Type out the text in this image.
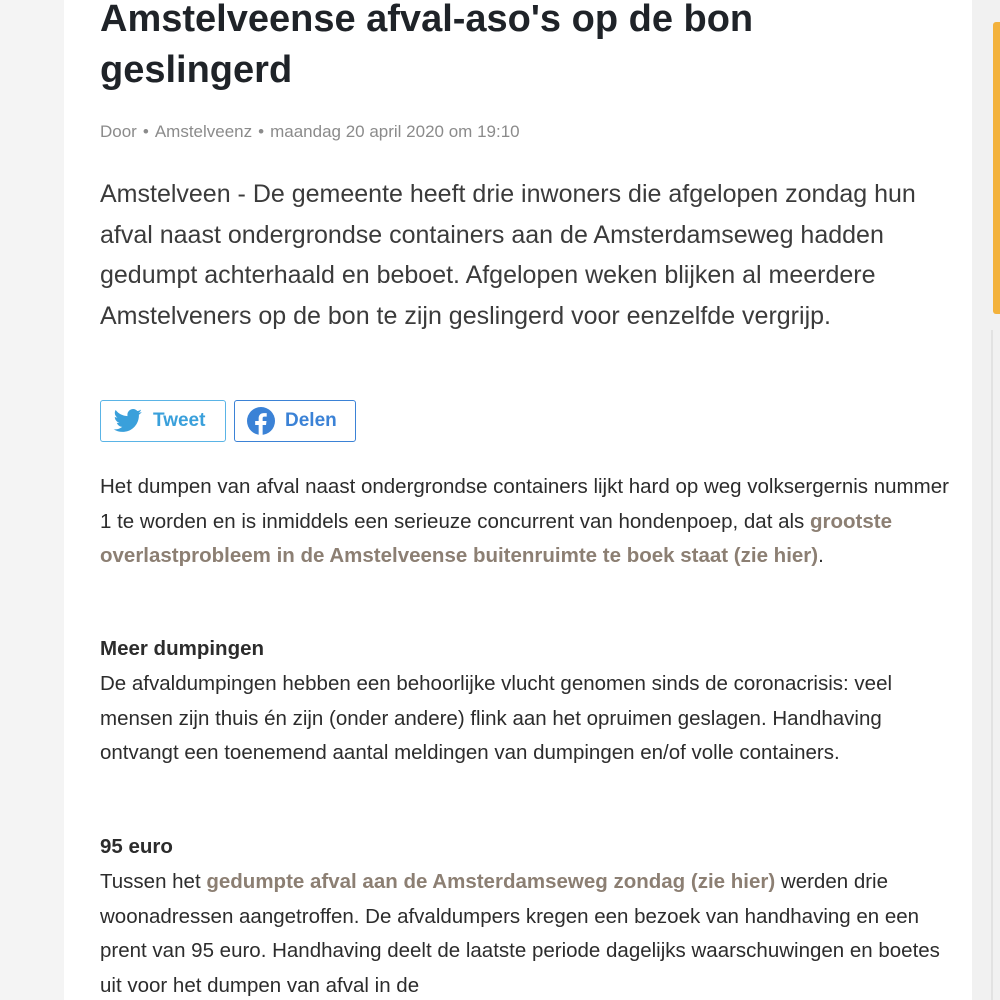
Amstelveense afval-aso's op de bon geslingerd
Door • Amstelveenz • maandag 20 april 2020 om 19:10
Amstelveen - De gemeente heeft drie inwoners die afgelopen zondag hun afval naast ondergrondse containers aan de Amsterdamseweg hadden gedumpt achterhaald en beboet. Afgelopen weken blijken al meerdere Amstelveners op de bon te zijn geslingerd voor eenzelfde vergrijp.
Tweet	Delen
Het dumpen van afval naast ondergrondse containers lijkt hard op weg volksergernis nummer 1 te worden en is inmiddels een serieuze concurrent van hondenpoep, dat als grootste overlastprobleem in de Amstelveense buitenruimte te boek staat (zie hier).
Meer dumpingen
De afvaldumpingen hebben een behoorlijke vlucht genomen sinds de coronacrisis: veel mensen zijn thuis én zijn (onder andere) flink aan het opruimen geslagen. Handhaving ontvangt een toenemend aantal meldingen van dumpingen en/of volle containers.
95 euro
Tussen het gedumpte afval aan de Amsterdamseweg zondag (zie hier) werden drie woonadressen aangetroffen. De afvaldumpers kregen een bezoek van handhaving en een prent van 95 euro. Handhaving deelt de laatste periode dagelijks waarschuwingen en boetes uit voor het dumpen van afval in de
